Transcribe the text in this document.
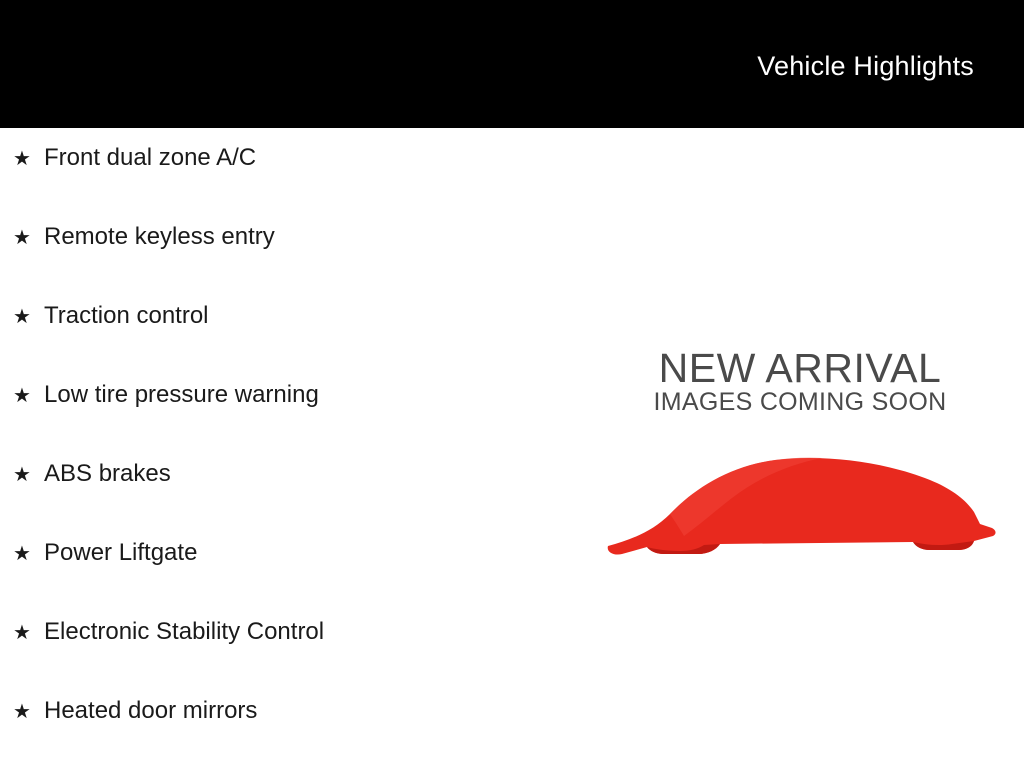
Vehicle Highlights
★ Front dual zone A/C
★ Remote keyless entry
★ Traction control
★ Low tire pressure warning
★ ABS brakes
★ Power Liftgate
★ Electronic Stability Control
★ Heated door mirrors
NEW ARRIVAL
IMAGES COMING SOON
